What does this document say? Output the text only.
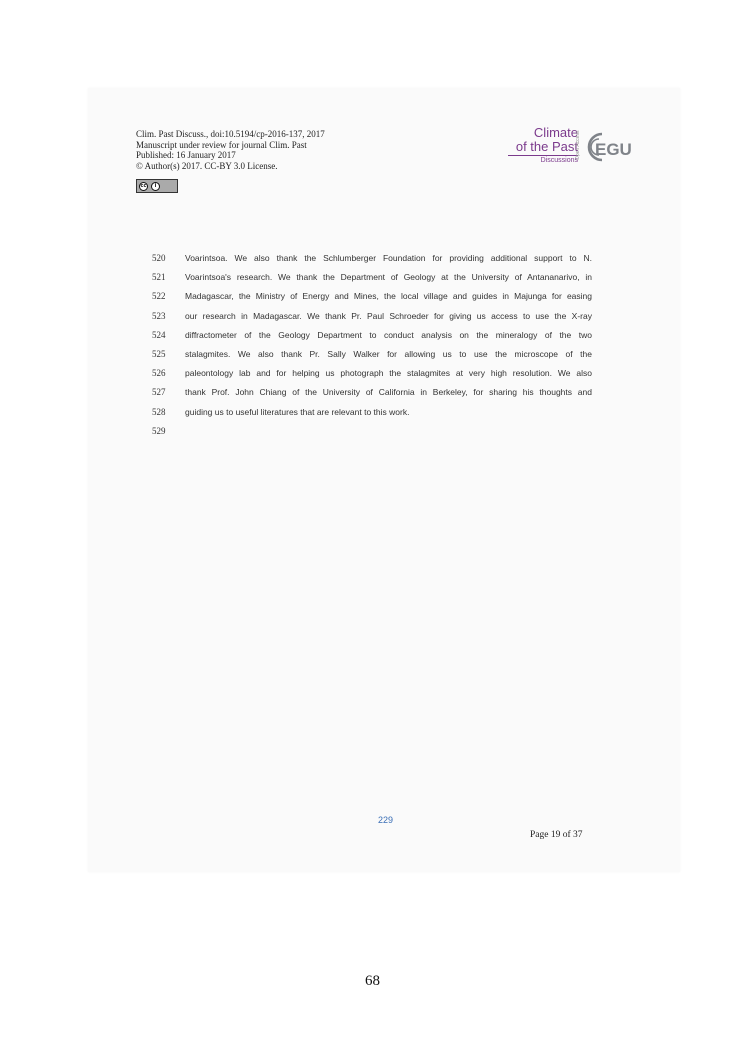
Clim. Past Discuss., doi:10.5194/cp-2016-137, 2017
Manuscript under review for journal Clim. Past
Published: 16 January 2017
© Author(s) 2017. CC-BY 3.0 License.
cc	i
Climate
of the Past
Discussions
Open Access EGU
520	Voarintsoa. We also thank the Schlumberger Foundation for providing additional support to N.
521	Voarintsoa's research. We thank the Department of Geology at the University of Antananarivo, in
522	Madagascar, the Ministry of Energy and Mines, the local village and guides in Majunga for easing
523	our research in Madagascar. We thank Pr. Paul Schroeder for giving us access to use the X-ray
524	diffractometer of the Geology Department to conduct analysis on the mineralogy of the two
525	stalagmites. We also thank Pr. Sally Walker for allowing us to use the microscope of the
526	paleontology lab and for helping us photograph the stalagmites at very high resolution. We also
527	thank Prof. John Chiang of the University of California in Berkeley, for sharing his thoughts and
528	guiding us to useful literatures that are relevant to this work.
529
229
Page 19 of 37
68
